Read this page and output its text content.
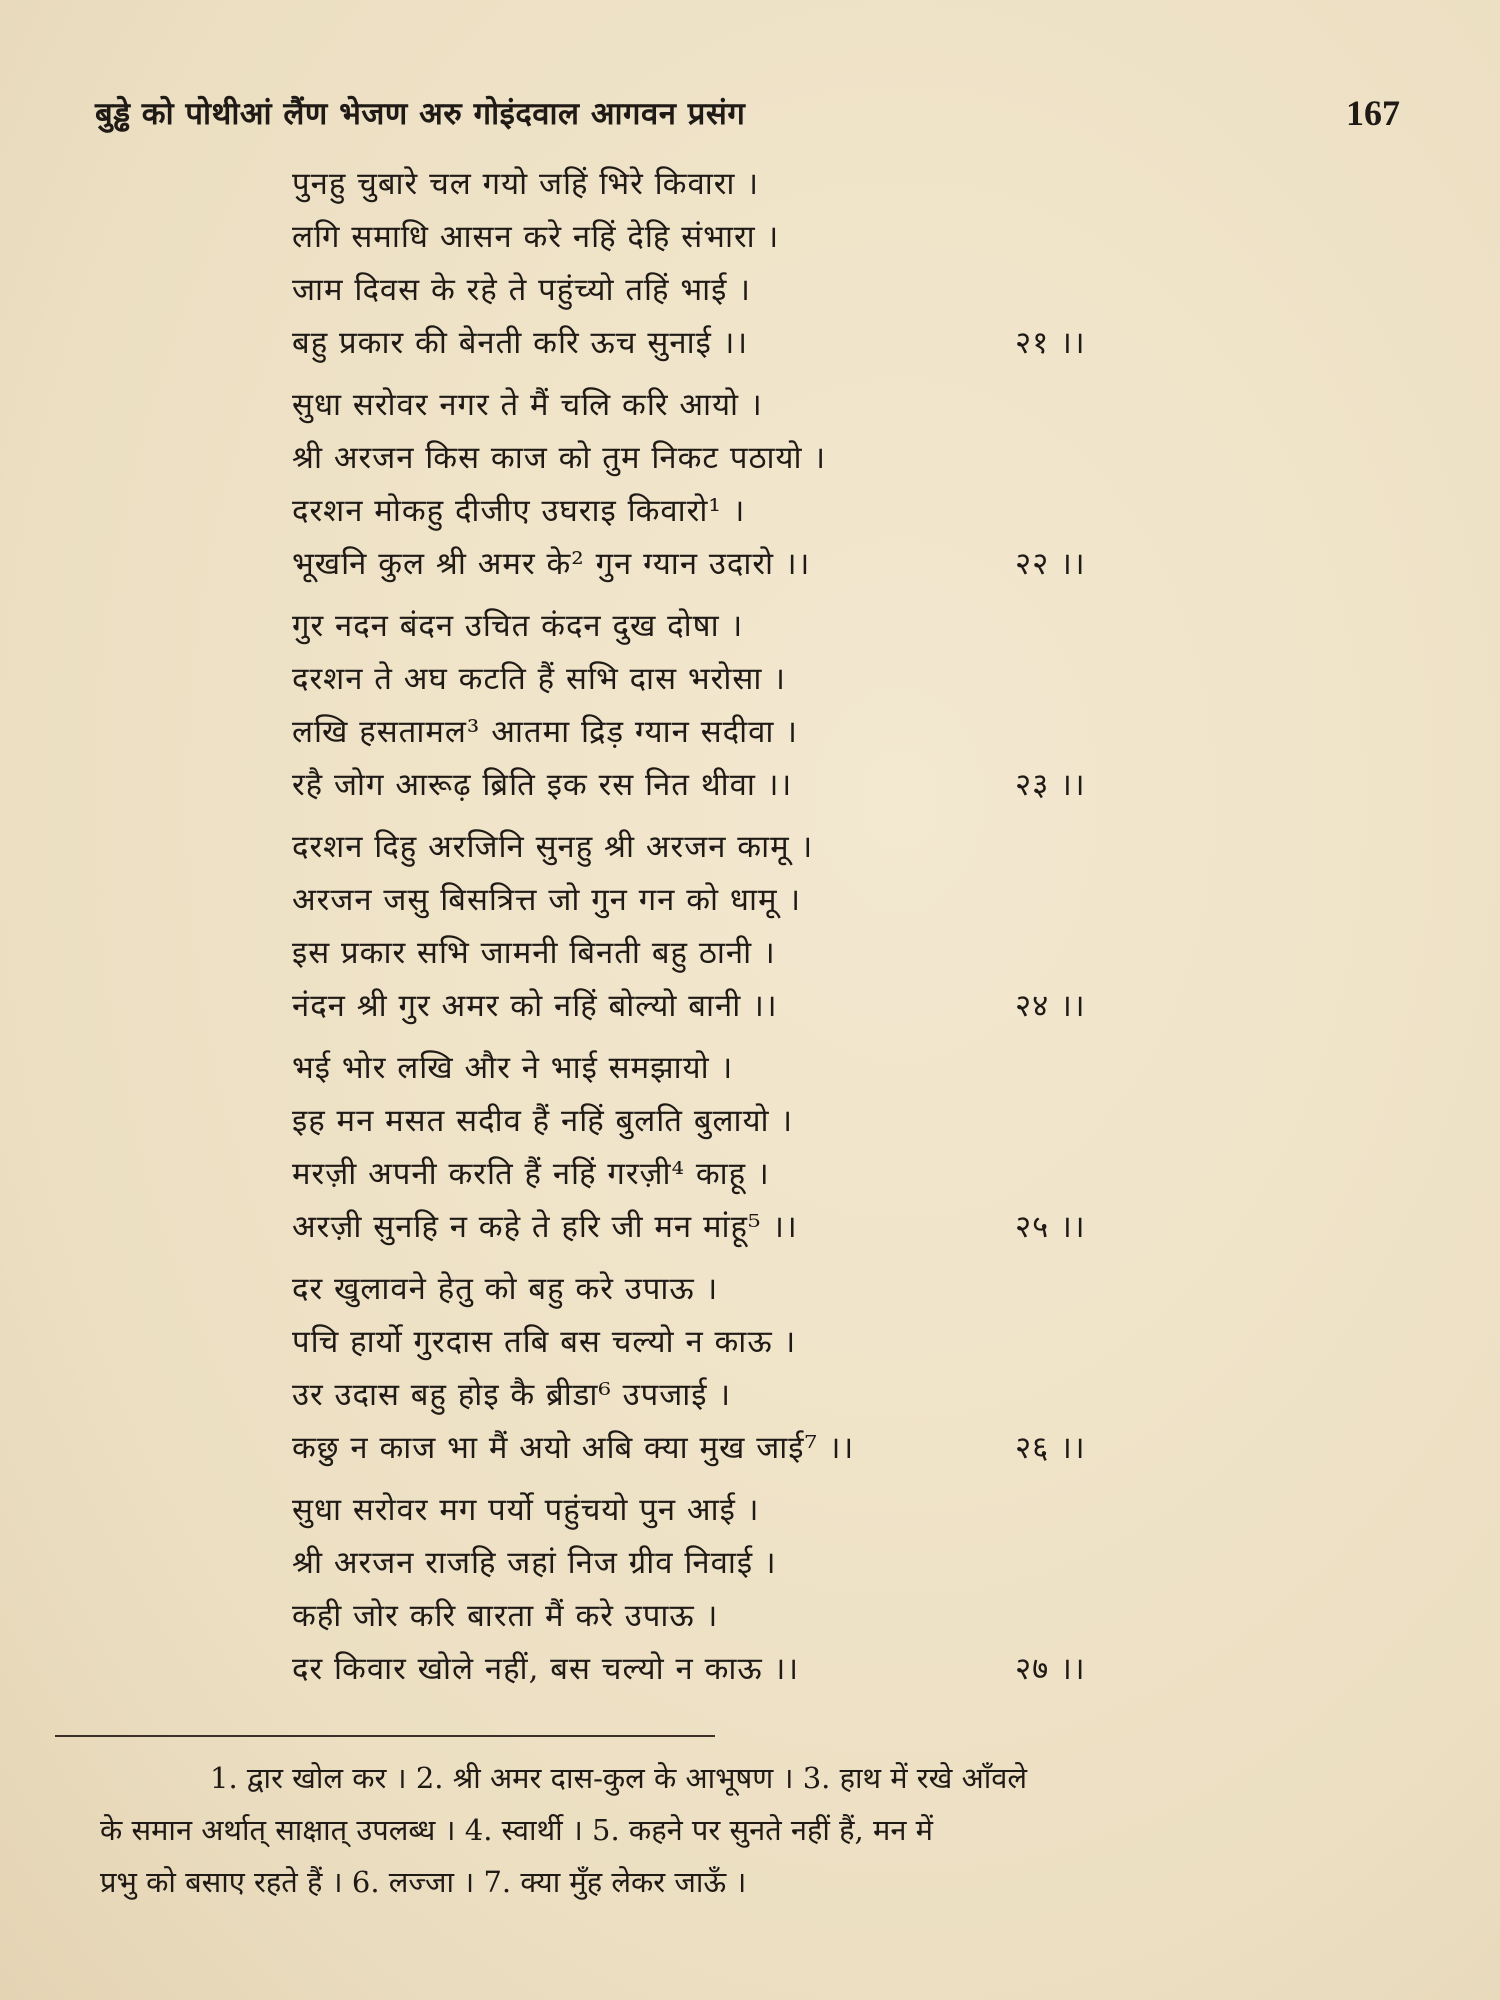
बुड्ढे को पोथीआं लैंण भेजण अरु गोइंदवाल आगवन प्रसंग	167
पुनहु चुबारे चल गयो जहिं भिरे किवारा ।
लगि समाधि आसन करे नहिं देहि संभारा ।
जाम दिवस के रहे ते पहुंच्यो तहिं भाई ।
बहु प्रकार की बेनती करि ऊच सुनाई ।।	२१ ।।
सुधा सरोवर नगर ते मैं चलि करि आयो ।
श्री अरजन किस काज को तुम निकट पठायो ।
दरशन मोकहु दीजीए उघराइ किवारो¹ ।
भूखनि कुल श्री अमर के² गुन ग्यान उदारो ।।	२२ ।।
गुर नदन बंदन उचित कंदन दुख दोषा ।
दरशन ते अघ कटति हैं सभि दास भरोसा ।
लखि हसतामल³ आतमा द्रिड़ ग्यान सदीवा ।
रहै जोग आरूढ़ ब्रिति इक रस नित थीवा ।।	२३ ।।
दरशन दिहु अरजिनि सुनहु श्री अरजन कामू ।
अरजन जसु बिसत्रित्त जो गुन गन को धामू ।
इस प्रकार सभि जामनी बिनती बहु ठानी ।
नंदन श्री गुर अमर को नहिं बोल्यो बानी ।।	२४ ।।
भई भोर लखि और ने भाई समझायो ।
इह मन मसत सदीव हैं नहिं बुलति बुलायो ।
मरज़ी अपनी करति हैं नहिं गरज़ी⁴ काहू ।
अरज़ी सुनहि न कहे ते हरि जी मन मांहू⁵ ।।	२५ ।।
दर खुलावने हेतु को बहु करे उपाऊ ।
पचि हार्यो गुरदास तबि बस चल्यो न काऊ ।
उर उदास बहु होइ कै ब्रीडा⁶ उपजाई ।
कछु न काज भा मैं अयो अबि क्या मुख जाई⁷ ।।	२६ ।।
सुधा सरोवर मग पर्यो पहुंचयो पुन आई ।
श्री अरजन राजहि जहां निज ग्रीव निवाई ।
कही जोर करि बारता मैं करे उपाऊ ।
दर किवार खोले नहीं, बस चल्यो न काऊ ।।	२७ ।।
1. द्वार खोल कर । 2. श्री अमर दास-कुल के आभूषण । 3. हाथ में रखे आँवले
के समान अर्थात् साक्षात् उपलब्ध । 4. स्वार्थी । 5. कहने पर सुनते नहीं हैं, मन में
प्रभु को बसाए रहते हैं । 6. लज्जा । 7. क्या मुँह लेकर जाऊँ ।
